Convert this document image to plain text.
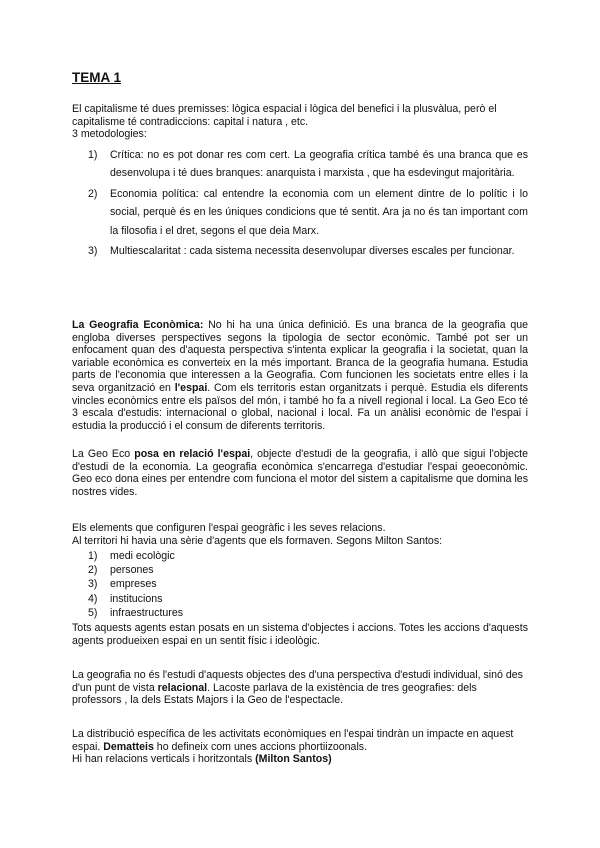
TEMA 1

El capitalisme té dues premisses: lògica espacial i lògica del benefici i la plusvàlua, però el capitalisme té contradiccions: capital i natura , etc.
3 metodologies:

1) Crítica: no es pot donar res com cert. La geografia crítica també és una branca que es desenvolupa i té dues branques: anarquista i marxista , que ha esdevingut majoritària.
2) Economia política: cal entendre la economia com un element dintre de lo polític i lo social, perquè és en les úniques condicions que té sentit. Ara ja no és tan important com la filosofia i el dret, segons el que deia Marx.
3) Multiescalaritat : cada sistema necessita desenvolupar diverses escales per funcionar.

La Geografia Econòmica: No hi ha una única definició. Es una branca de la geografia que engloba diverses perspectives segons la tipologia de sector econòmic. També pot ser un enfocament quan des d'aquesta perspectiva s'intenta explicar la geografia i la societat, quan la variable econòmica es converteix en la més important. Branca de la geografia humana. Estudia parts de l'economia que interessen a la Geografia. Com funcionen les societats entre elles i la seva organització en l'espai. Com els territoris estan organitzats i perquè. Estudia els diferents vincles econòmics entre els països del món, i també ho fa a nivell regional i local. La Geo Eco té 3 escala d'estudis: internacional o global, nacional i local. Fa un anàlisi econòmic de l'espai i estudia la producció i el consum de diferents territoris.

La Geo Eco posa en relació l'espai, objecte d'estudi de la geografia, i allò que sigui l'objecte d'estudi de la economia. La geografia econòmica s'encarrega d'estudiar l'espai geoeconòmic. Geo eco dona eines per entendre com funciona el motor del sistem a capitalisme que domina les nostres vides.

Els elements que configuren l'espai geogràfic i les seves relacions.
Al territori hi havia una sèrie d'agents que els formaven. Segons Milton Santos:

1) medi ecològic
2) persones
3) empreses
4) institucions
5) infraestructures

Tots aquests agents estan posats en un sistema d'objectes i accions. Totes les accions d'aquests agents produeixen espai en un sentit físic i ideològic.

La geografia no és l'estudi d'aquests objectes des d'una perspectiva d'estudi individual, sinó des d'un punt de vista relacional. Lacoste parlava de la existència de tres geografies: dels professors , la dels Estats Majors i la Geo de l'espectacle.

La distribució específica de les activitats econòmiques en l'espai tindràn un impacte en aquest espai. Dematteis ho defineix com unes accions phortiizoonals.
Hi han relacions verticals i horitzontals (Milton Santos)
